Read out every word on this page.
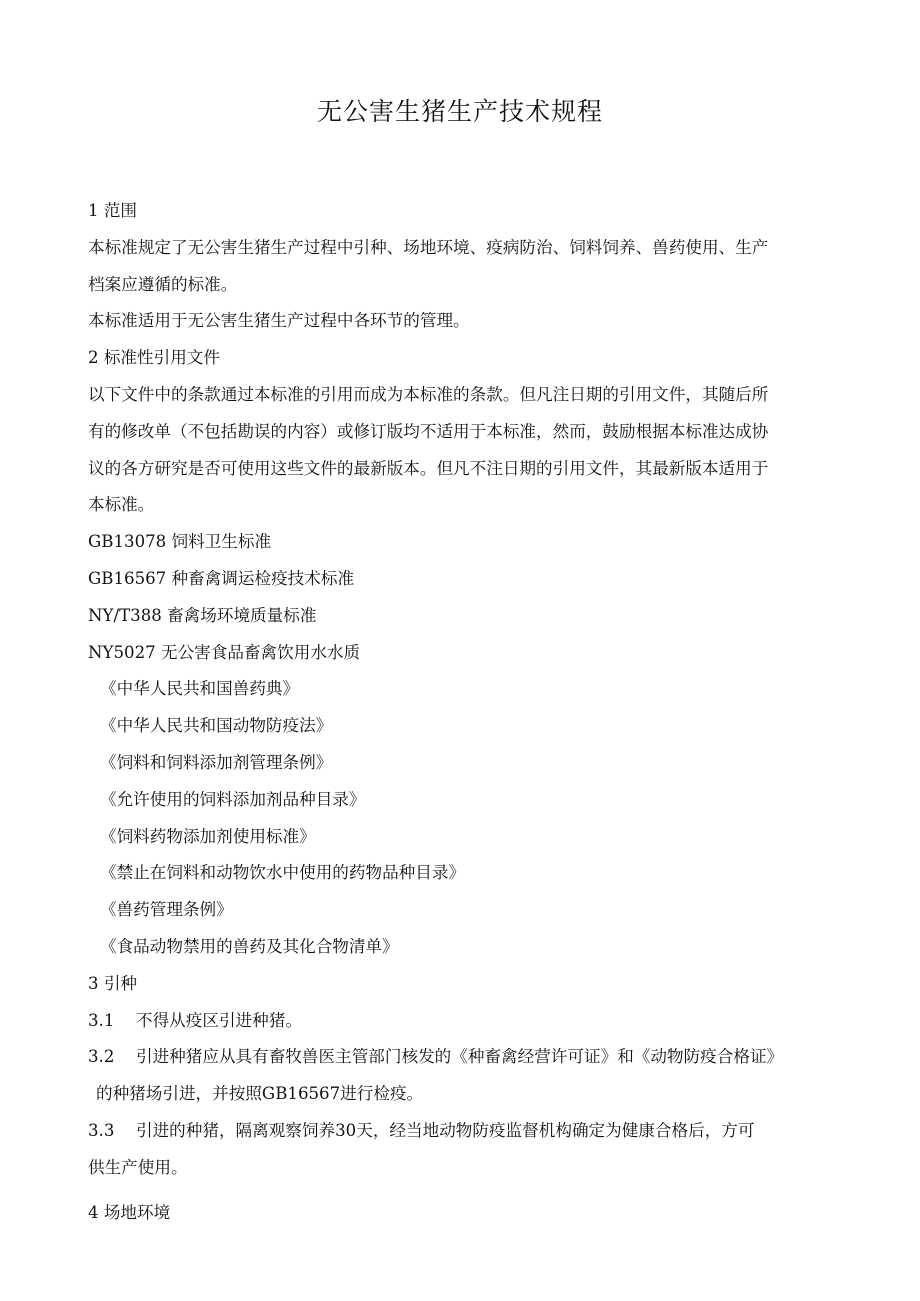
无公害生猪生产技术规程

1 范围

本标准规定了无公害生猪生产过程中引种、场地环境、疫病防治、饲料饲养、兽药使用、生产

档案应遵循的标准。

本标准适用于无公害生猪生产过程中各环节的管理。

2 标准性引用文件

以下文件中的条款通过本标准的引用而成为本标准的条款。但凡注日期的引用文件，其随后所

有的修改单（不包括勘误的内容）或修订版均不适用于本标准，然而，鼓励根据本标准达成协

议的各方研究是否可使用这些文件的最新版本。但凡不注日期的引用文件，其最新版本适用于

本标准。

GB13078 饲料卫生标准

GB16567 种畜禽调运检疫技术标准

NY/T388 畜禽场环境质量标准

NY5027 无公害食品畜禽饮用水水质

《中华人民共和国兽药典》

《中华人民共和国动物防疫法》

《饲料和饲料添加剂管理条例》

《允许使用的饲料添加剂品种目录》

《饲料药物添加剂使用标准》

《禁止在饲料和动物饮水中使用的药物品种目录》

《兽药管理条例》

《食品动物禁用的兽药及其化合物清单》

3 引种

3.1 不得从疫区引进种猪。

3.2 引进种猪应从具有畜牧兽医主管部门核发的《种畜禽经营许可证》和《动物防疫合格证》

的种猪场引进，并按照GB16567进行检疫。

3.3 引进的种猪，隔离观察饲养30天，经当地动物防疫监督机构确定为健康合格后，方可

供生产使用。

4 场地环境
